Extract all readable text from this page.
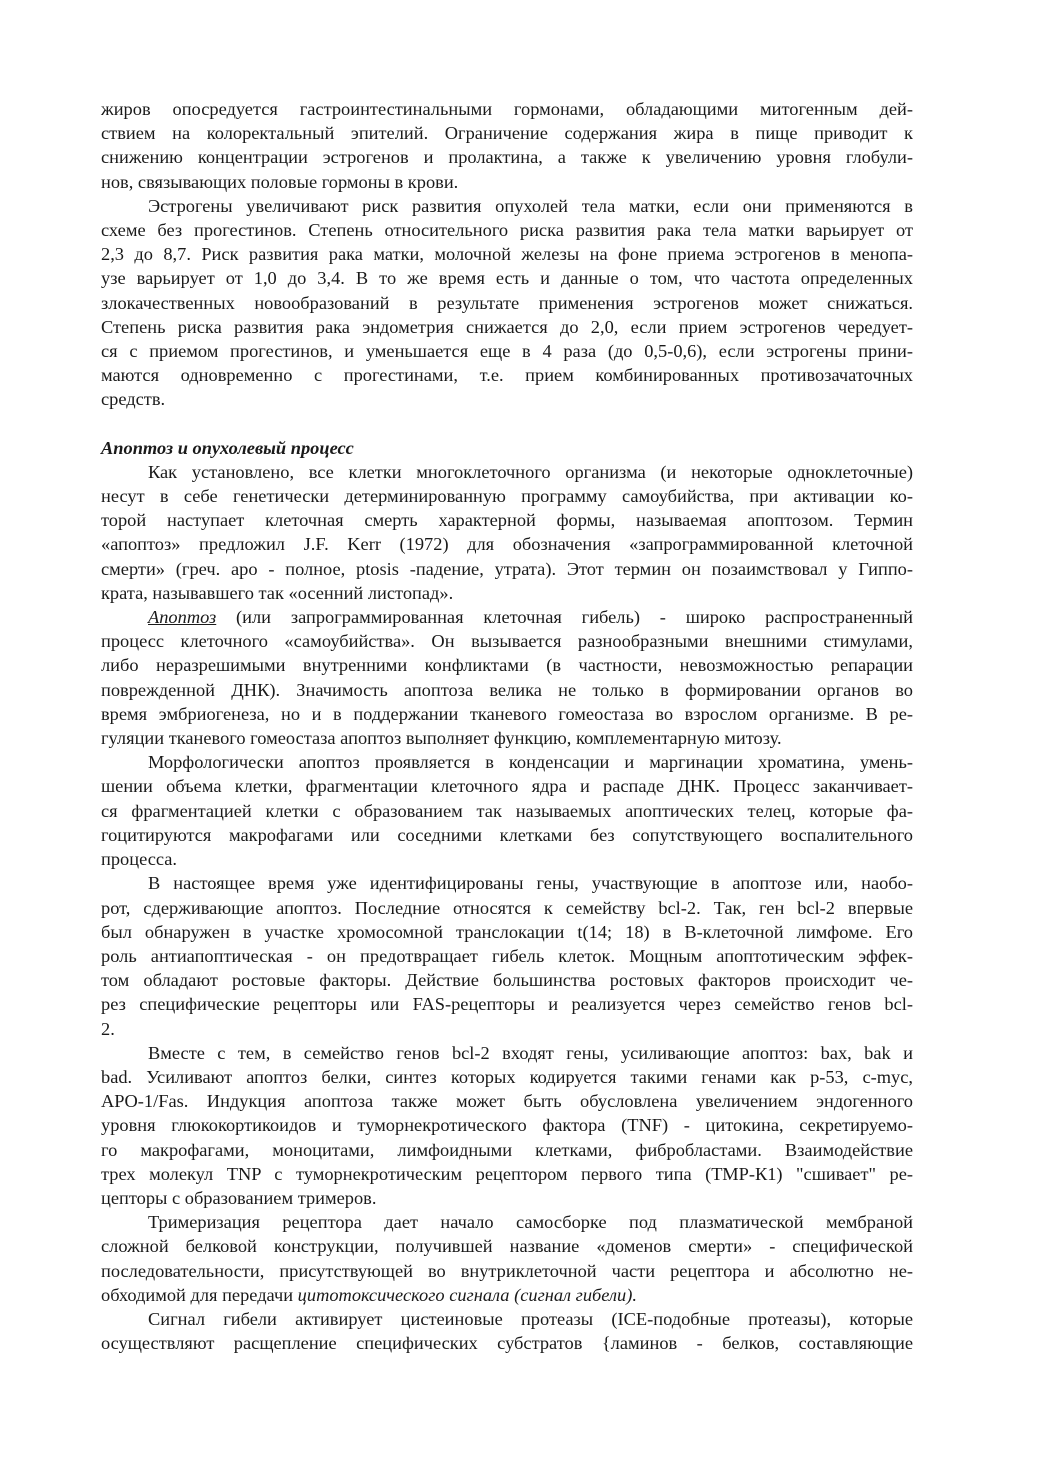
жиров опосредуется гастроинтестинальными гормонами, обладающими митогенным дей-
ствием на колоректальный эпителий. Ограничение содержания жира в пище приводит к
снижению концентрации эстрогенов и пролактина, а также к увеличению уровня глобули-
нов, связывающих половые гормоны в крови.

Эстрогены увеличивают риск развития опухолей тела матки, если они применяются в
схеме без прогестинов. Степень относительного риска развития рака тела матки варьирует от
2,3 до 8,7. Риск развития рака матки, молочной железы на фоне приема эстрогенов в менопа-
узе варьирует от 1,0 до 3,4. В то же время есть и данные о том, что частота определенных
злокачественных новообразований в результате применения эстрогенов может снижаться.
Степень риска развития рака эндометрия снижается до 2,0, если прием эстрогенов чередует-
ся с приемом прогестинов, и уменьшается еще в 4 раза (до 0,5-0,6), если эстрогены прини-
маются одновременно с прогестинами, т.е. прием комбинированных противозачаточных
средств.

Апоптоз и опухолевый процесс

Как установлено, все клетки многоклеточного организма (и некоторые одноклеточные)
несут в себе генетически детерминированную программу самоубийства, при активации ко-
торой наступает клеточная смерть характерной формы, называемая апоптозом. Термин
«апоптоз» предложил J.F. Kerr (1972) для обозначения «запрограммированной клеточной
смерти» (греч. apo - полное, ptosis -падение, утрата). Этот термин он позаимствовал у Гиппо-
крата, называвшего так «осенний листопад».

Апоптоз (или запрограммированная клеточная гибель) - широко распространенный
процесс клеточного «самоубийства». Он вызывается разнообразными внешними стимулами,
либо неразрешимыми внутренними конфликтами (в частности, невозможностью репарации
поврежденной ДНК). Значимость апоптоза велика не только в формировании органов во
время эмбриогенеза, но и в поддержании тканевого гомеостаза во взрослом организме. В ре-
гуляции тканевого гомеостаза апоптоз выполняет функцию, комплементарную митозу.

Морфологически апоптоз проявляется в конденсации и маргинации хроматина, умень-
шении объема клетки, фрагментации клеточного ядра и распаде ДНК. Процесс заканчивает-
ся фрагментацией клетки с образованием так называемых апоптических телец, которые фа-
гоцитируются макрофагами или соседними клетками без сопутствующего воспалительного
процесса.

В настоящее время уже идентифицированы гены, участвующие в апоптозе или, наобо-
рот, сдерживающие апоптоз. Последние относятся к семейству bcl-2. Так, ген bcl-2 впервые
был обнаружен в участке хромосомной транслокации t(14; 18) в В-клеточной лимфоме. Его
роль антиапоптическая - он предотвращает гибель клеток. Мощным апоптотическим эффек-
том обладают ростовые факторы. Действие большинства ростовых факторов происходит че-
рез специфические рецепторы или FAS-рецепторы и реализуется через семейство генов bcl-
2.

Вместе с тем, в семейство генов bcl-2 входят гены, усиливающие апоптоз: bax, bak и
bad. Усиливают апоптоз белки, синтез которых кодируется такими генами как р-53, c-myc,
APO-1/Fas. Индукция апоптоза также может быть обусловлена увеличением эндогенного
уровня глюкокортикоидов и туморнекротического фактора (TNF) - цитокина, секретируемо-
го макрофагами, моноцитами, лимфоидными клетками, фибробластами. Взаимодействие
трех молекул TNP с туморнекротическим рецептором первого типа (ТМР-К1) "сшивает" ре-
цепторы с образованием тримеров.

Тримеризация рецептора дает начало самосборке под плазматической мембраной
сложной белковой конструкции, получившей название «доменов смерти» - специфической
последовательности, присутствующей во внутриклеточной части рецептора и абсолютно не-
обходимой для передачи цитотоксического сигнала (сигнал гибели).

Сигнал гибели активирует цистеиновые протеазы (ICE-подобные протеазы), которые
осуществляют расщепление специфических субстратов {ламинов - белков, составляющие
